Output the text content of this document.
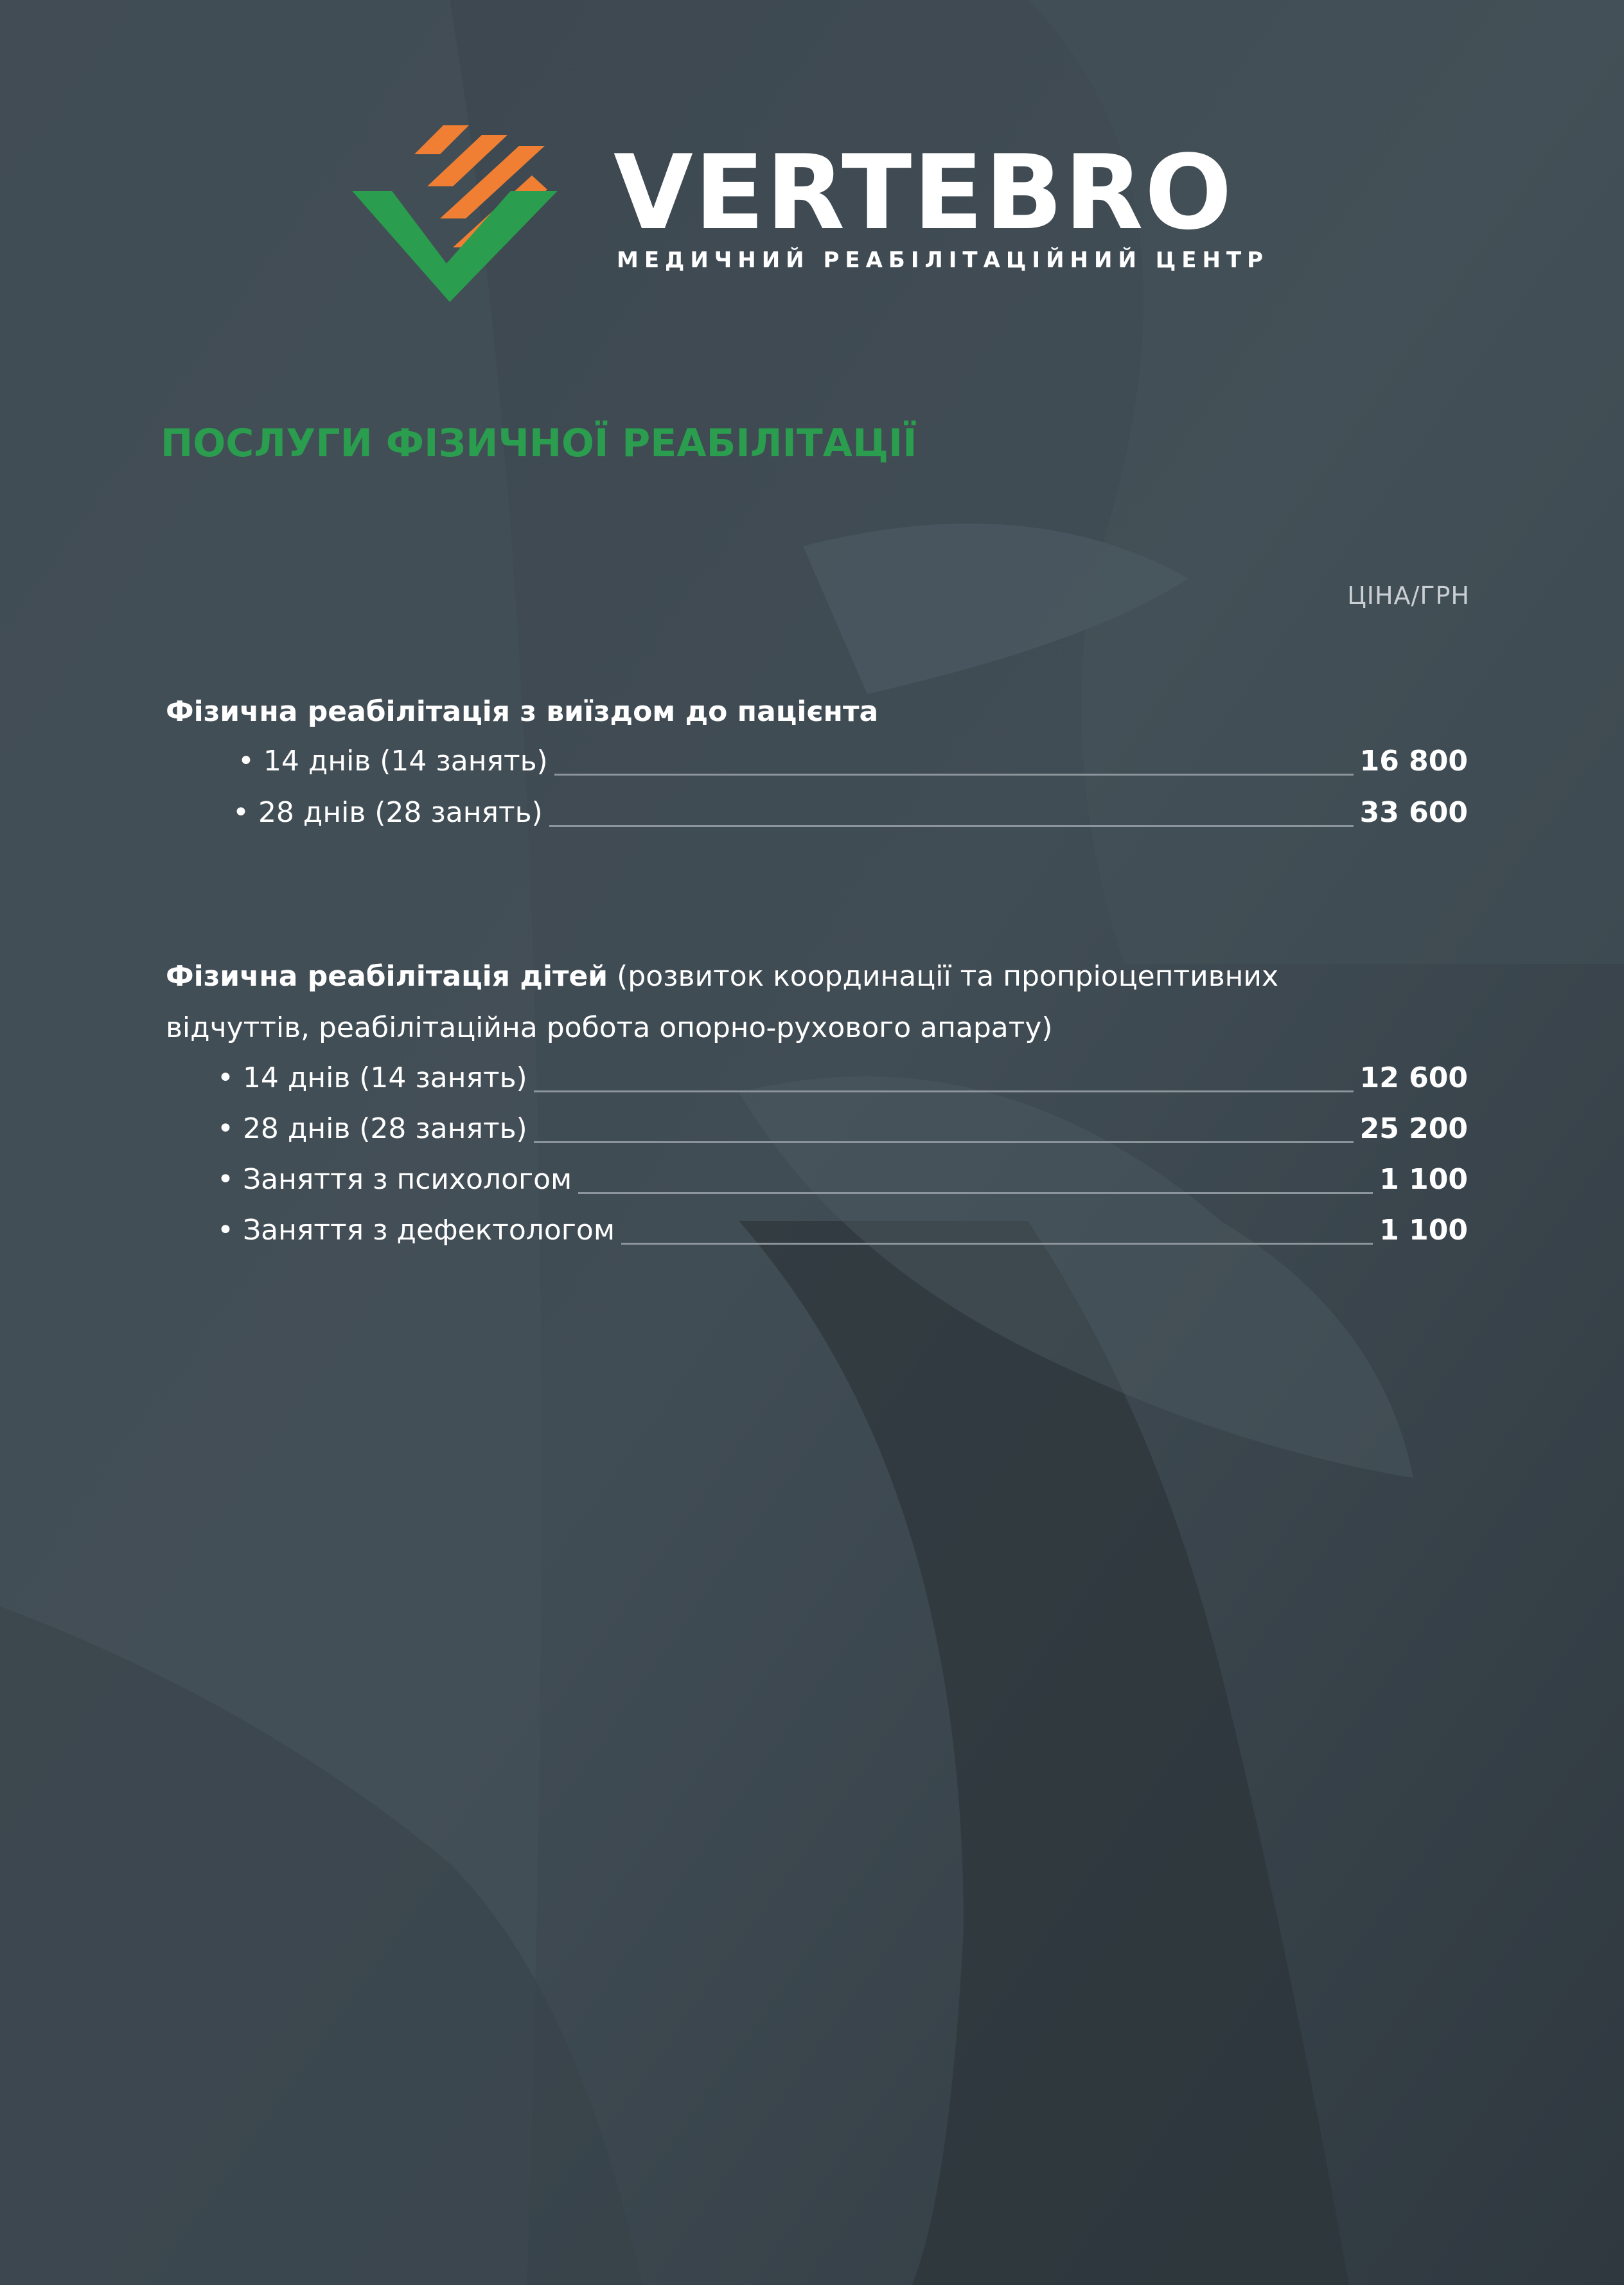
VERTEBRO
МЕДИЧНИЙ РЕАБІЛІТАЦІЙНИЙ ЦЕНТР
ПОСЛУГИ ФІЗИЧНОЇ РЕАБІЛІТАЦІЇ
ЦІНА/ГРН
Фізична реабілітація з виїздом до пацієнта
• 14 днів (14 занять)	16 800
• 28 днів (28 занять)	33 600
Фізична реабілітація дітей (розвиток координації та пропріоцептивних
відчуттів, реабілітаційна робота опорно-рухового апарату)
• 14 днів (14 занять)	12 600
• 28 днів (28 занять)	25 200
• Заняття з психологом	1 100
• Заняття з дефектологом	1 100
